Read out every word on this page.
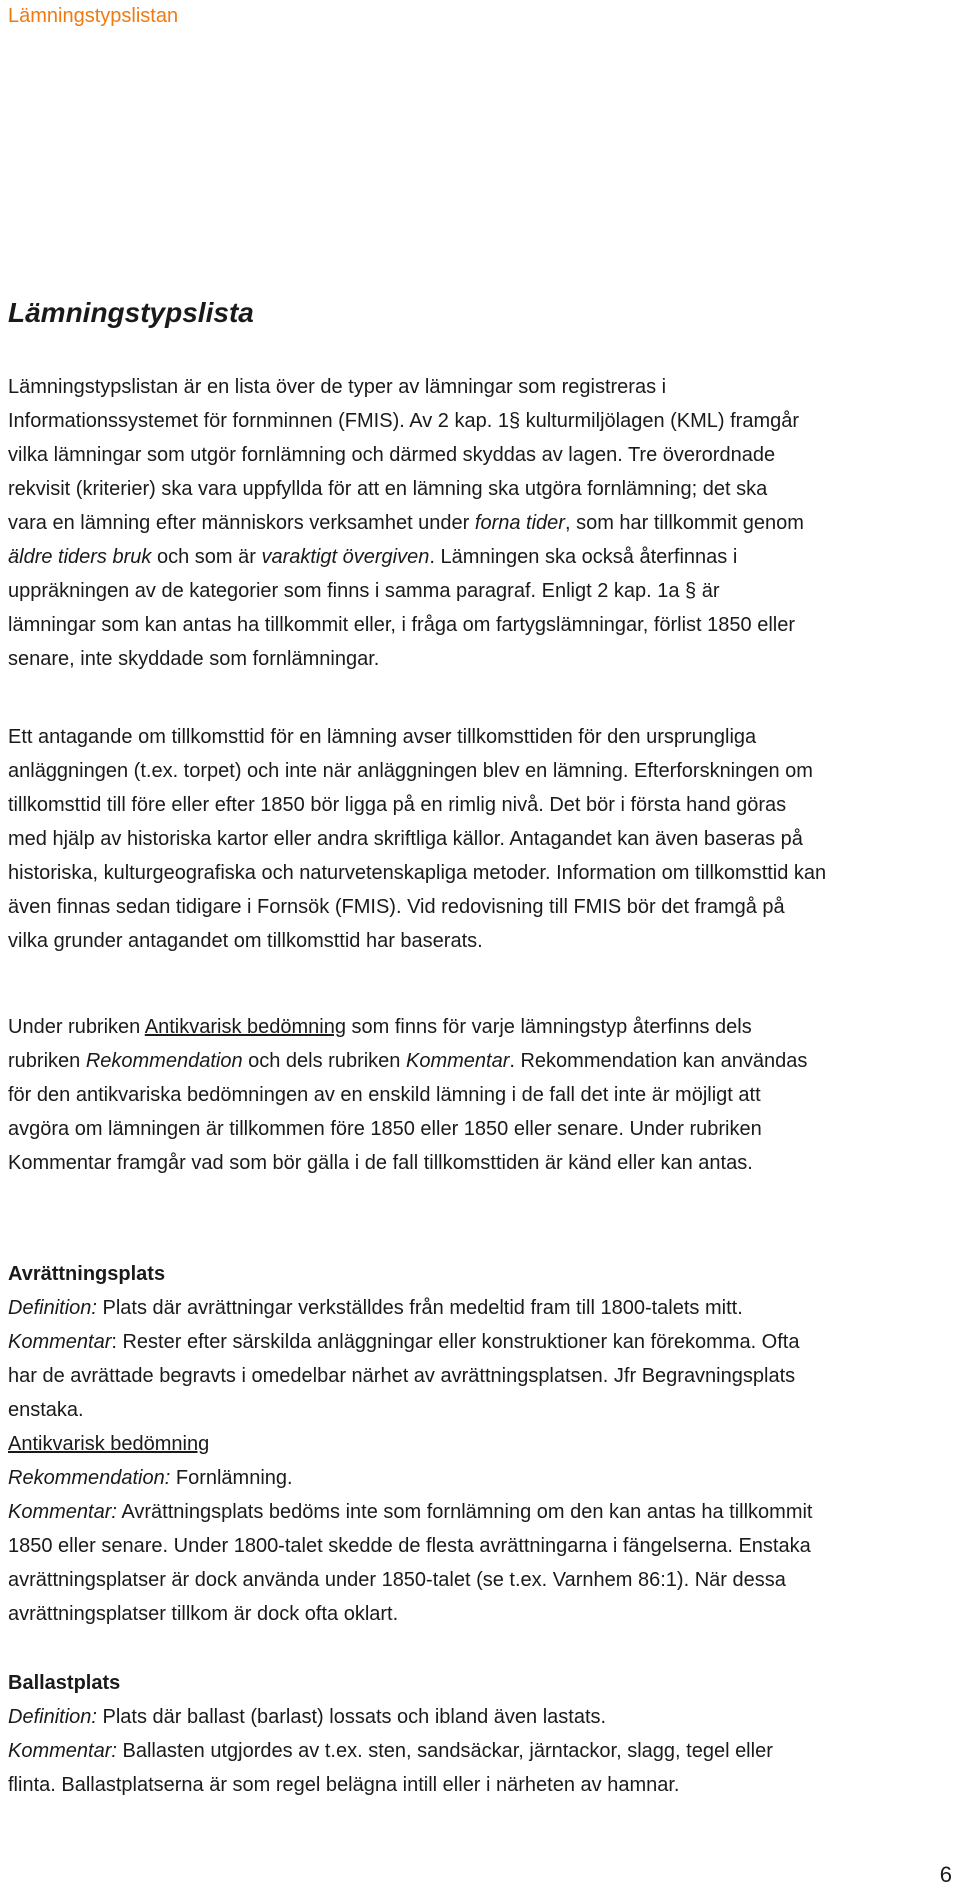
Lämningstypslistan
Lämningstypslista

Lämningstypslistan är en lista över de typer av lämningar som registreras i
Informationssystemet för fornminnen (FMIS). Av 2 kap. 1§ kulturmiljölagen (KML) framgår
vilka lämningar som utgör fornlämning och därmed skyddas av lagen. Tre överordnade
rekvisit (kriterier) ska vara uppfyllda för att en lämning ska utgöra fornlämning; det ska
vara en lämning efter människors verksamhet under forna tider, som har tillkommit genom
äldre tiders bruk och som är varaktigt övergiven. Lämningen ska också återfinnas i
uppräkningen av de kategorier som finns i samma paragraf. Enligt 2 kap. 1a § är
lämningar som kan antas ha tillkommit eller, i fråga om fartygslämningar, förlist 1850 eller
senare, inte skyddade som fornlämningar.

Ett antagande om tillkomsttid för en lämning avser tillkomsttiden för den ursprungliga
anläggningen (t.ex. torpet) och inte när anläggningen blev en lämning. Efterforskningen om
tillkomsttid till före eller efter 1850 bör ligga på en rimlig nivå. Det bör i första hand göras
med hjälp av historiska kartor eller andra skriftliga källor. Antagandet kan även baseras på
historiska, kulturgeografiska och naturvetenskapliga metoder. Information om tillkomsttid kan
även finnas sedan tidigare i Fornsök (FMIS). Vid redovisning till FMIS bör det framgå på
vilka grunder antagandet om tillkomsttid har baserats.

Under rubriken Antikvarisk bedömning som finns för varje lämningstyp återfinns dels
rubriken Rekommendation och dels rubriken Kommentar. Rekommendation kan användas
för den antikvariska bedömningen av en enskild lämning i de fall det inte är möjligt att
avgöra om lämningen är tillkommen före 1850 eller 1850 eller senare. Under rubriken
Kommentar framgår vad som bör gälla i de fall tillkomsttiden är känd eller kan antas.

Avrättningsplats
Definition: Plats där avrättningar verkställdes från medeltid fram till 1800-talets mitt.
Kommentar: Rester efter särskilda anläggningar eller konstruktioner kan förekomma. Ofta
har de avrättade begravts i omedelbar närhet av avrättningsplatsen. Jfr Begravningsplats
enstaka.
Antikvarisk bedömning
Rekommendation: Fornlämning.
Kommentar: Avrättningsplats bedöms inte som fornlämning om den kan antas ha tillkommit
1850 eller senare. Under 1800-talet skedde de flesta avrättningarna i fängelserna. Enstaka
avrättningsplatser är dock använda under 1850-talet (se t.ex. Varnhem 86:1). När dessa
avrättningsplatser tillkom är dock ofta oklart.
Ballastplats
Definition: Plats där ballast (barlast) lossats och ibland även lastats.
Kommentar: Ballasten utgjordes av t.ex. sten, sandsäckar, järntackor, slagg, tegel eller
flinta. Ballastplatserna är som regel belägna intill eller i närheten av hamnar.
6
